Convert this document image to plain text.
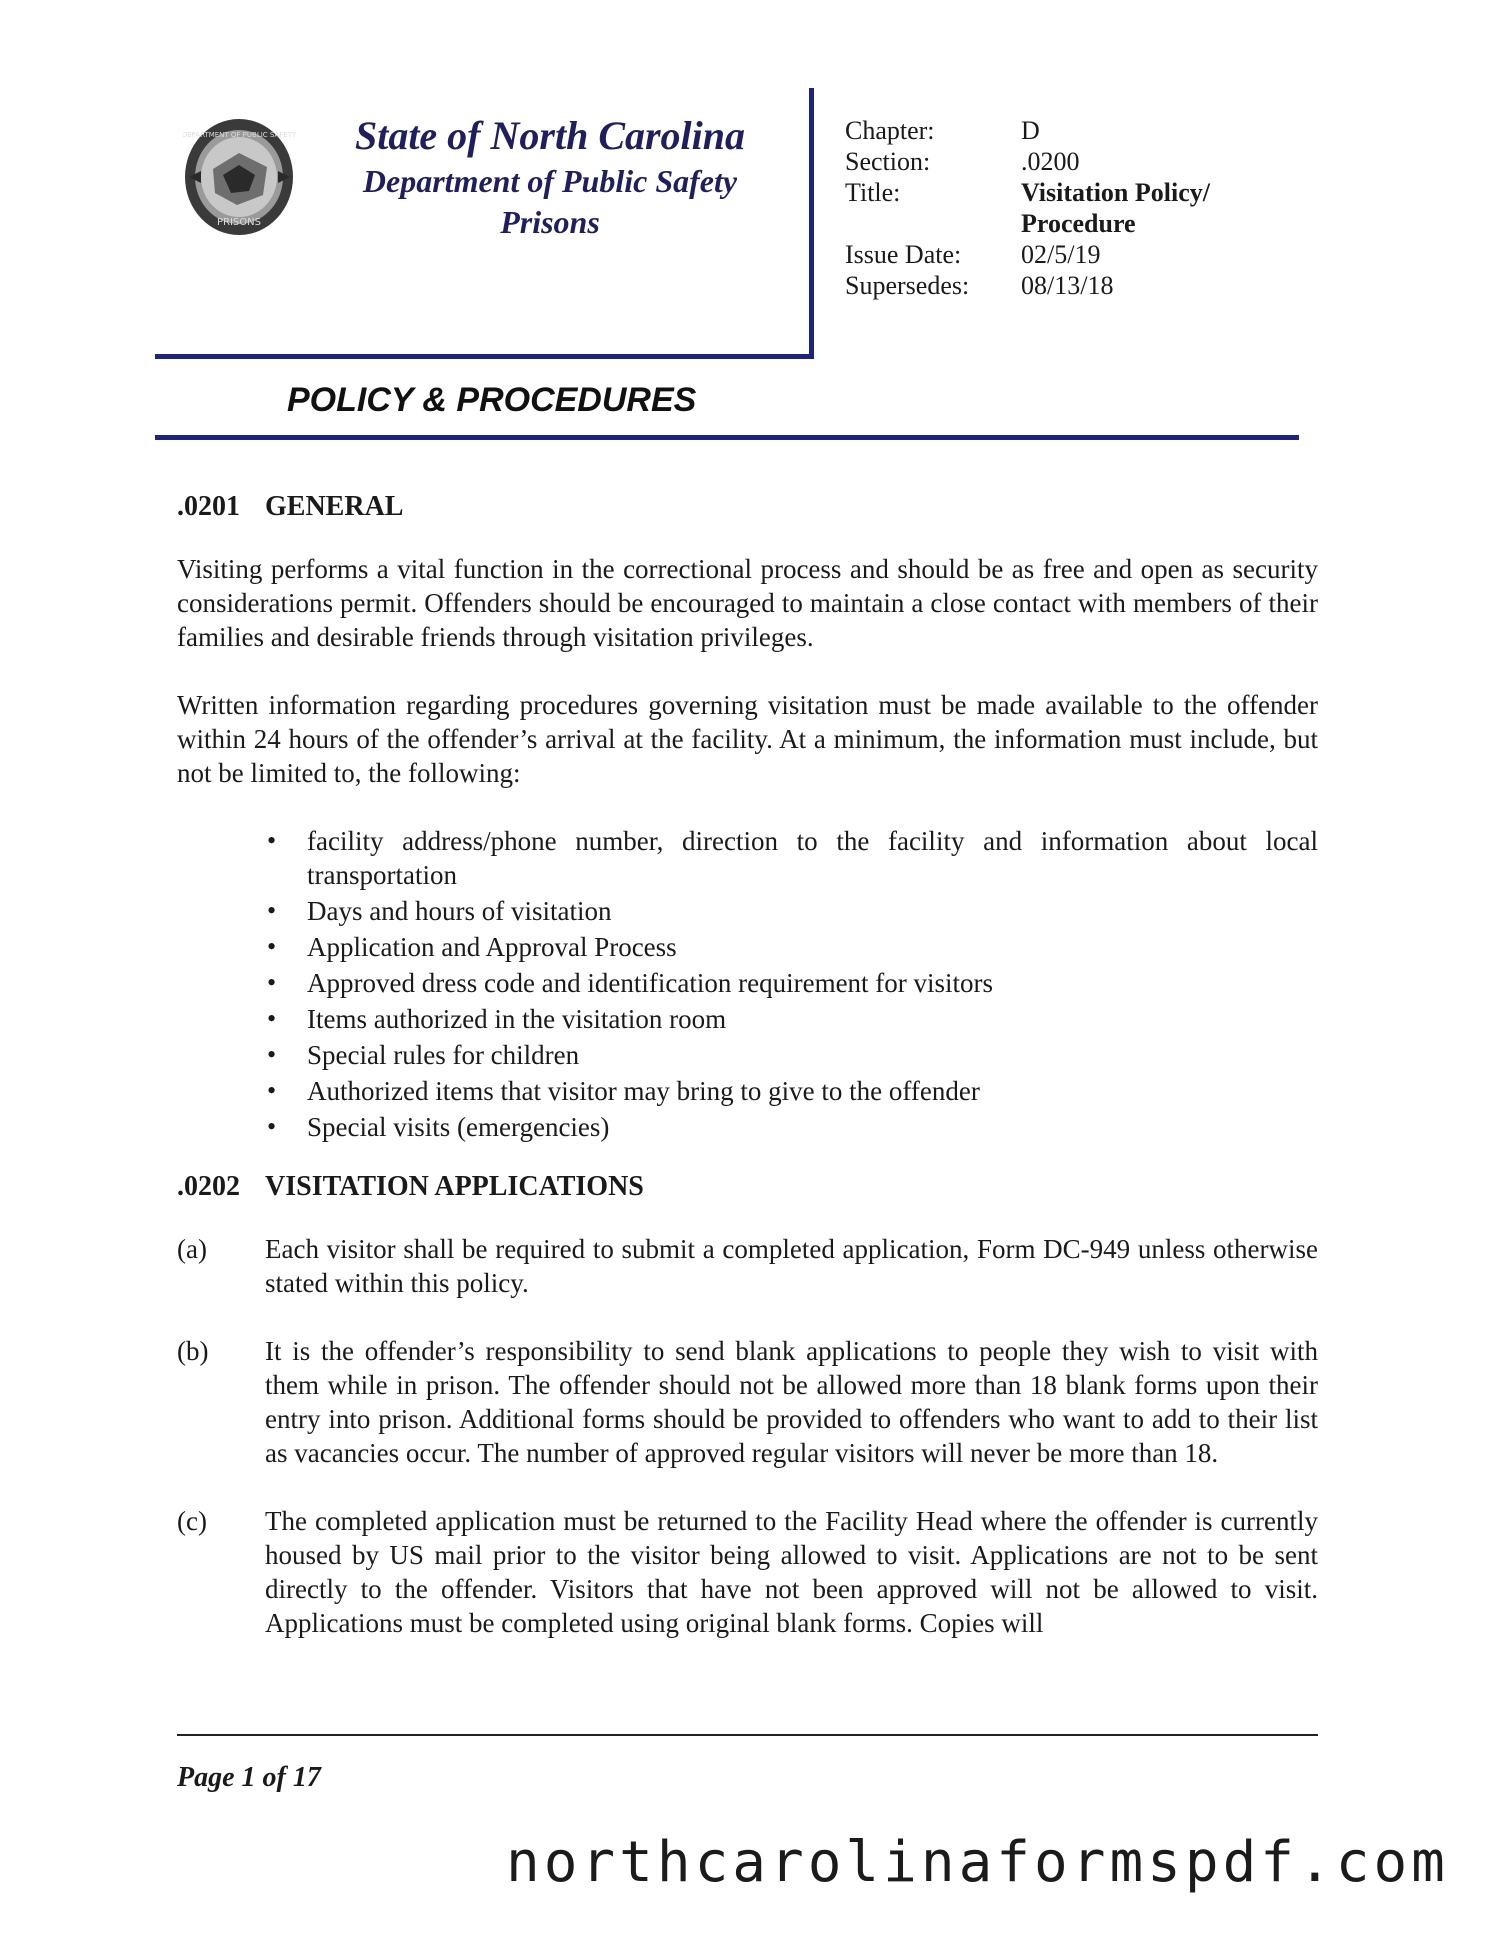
DEPARTMENT OF PUBLIC SAFETY
PRISONS
State of North Carolina
Department of Public Safety
Prisons
Chapter:	D
Section:	.0200
Title:	Visitation Policy/
Procedure
Issue Date:	02/5/19
Supersedes:	08/13/18
POLICY & PROCEDURES
.0201 GENERAL

Visiting performs a vital function in the correctional process and should be as free and open as security considerations permit. Offenders should be encouraged to maintain a close contact with members of their families and desirable friends through visitation privileges.

Written information regarding procedures governing visitation must be made available to the offender within 24 hours of the offender’s arrival at the facility. At a minimum, the information must include, but not be limited to, the following:

• facility address/phone number, direction to the facility and information about local transportation
• Days and hours of visitation
• Application and Approval Process
• Approved dress code and identification requirement for visitors
• Items authorized in the visitation room
• Special rules for children
• Authorized items that visitor may bring to give to the offender
• Special visits (emergencies)
.0202 VISITATION APPLICATIONS
(a)	Each visitor shall be required to submit a completed application, Form DC-949 unless otherwise stated within this policy.
(b)	It is the offender’s responsibility to send blank applications to people they wish to visit with them while in prison. The offender should not be allowed more than 18 blank forms upon their entry into prison. Additional forms should be provided to offenders who want to add to their list as vacancies occur. The number of approved regular visitors will never be more than 18.
(c)	The completed application must be returned to the Facility Head where the offender is currently housed by US mail prior to the visitor being allowed to visit. Applications are not to be sent directly to the offender. Visitors that have not been approved will not be allowed to visit. Applications must be completed using original blank forms. Copies will
Page 1 of 17
northcarolinaformspdf.com
